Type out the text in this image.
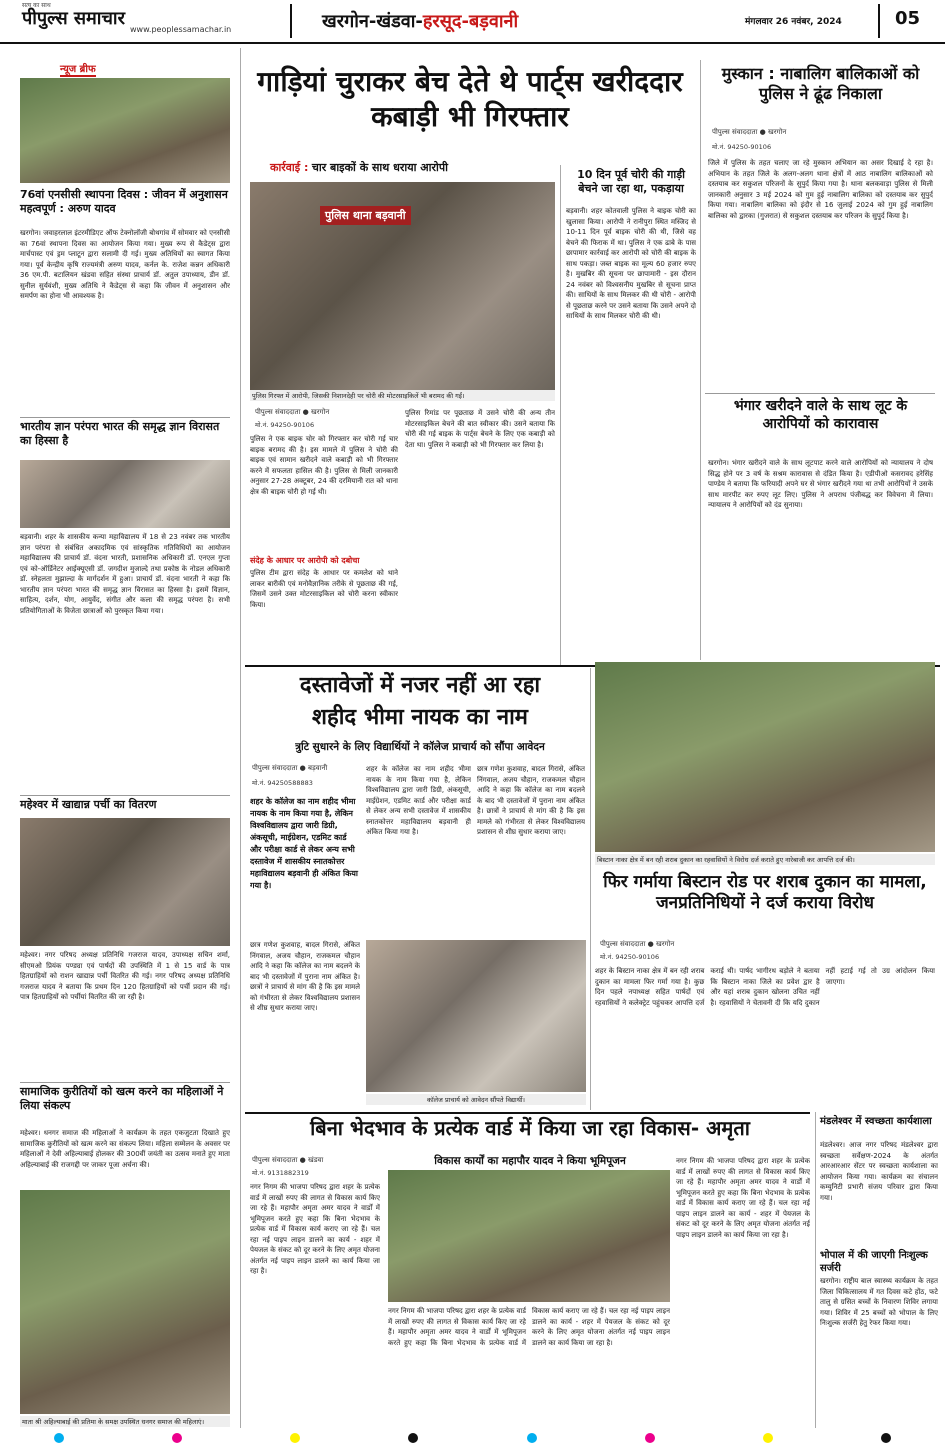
सत्य का साथ
पीपुल्स समाचार
www.peoplessamachar.in	खरगोन-खंडवा- हरसूद-बड़वानी	मंगलवार 26 नवंबर, 2024	05
न्यूज ब्रीफ
76वां एनसीसी स्थापना दिवस : जीवन में अनुशासन महत्वपूर्ण : अरुण यादव
खरगोन। जवाहरलाल इंटरमीडिएट ऑफ टेक्नोलॉजी बोथगांव में सोमवार को एनसीसी का 76वां स्थापना दिवस का आयोजन किया गया। मुख्य रूप से कैडेट्स द्वारा मार्चपास्ट एवं ड्रम प्लाटून द्वारा सलामी दी गई। मुख्य अतिथियों का स्वागत किया गया। पूर्व केन्द्रीय कृषि राज्यमंत्री अरुण यादव, कर्नल के. राजेश कन्नन अधिकारी 36 एम.पी. बटालियन खंडवा सहित संस्था प्राचार्य डॉ. अतुल उपाध्याय, डीन डॉ. सुनील सुर्यवंशी, मुख्य अतिथि ने कैडेट्स से कहा कि जीवन में अनुशासन और समर्पण का होना भी आवश्यक है।
भारतीय ज्ञान परंपरा भारत की समृद्ध ज्ञान विरासत का हिस्सा है
बड़वानी। शहर के शासकीय कन्या महाविद्यालय में 18 से 23 नवंबर तक भारतीय ज्ञान परंपरा से संबंधित अकादमिक एवं सांस्कृतिक गतिविधियों का आयोजन महाविद्यालय की प्राचार्य डॉ. वंदना भारती, प्रशासनिक अधिकारी डॉ. एनएल गुप्ता एवं को-ऑर्डिनेटर आईक्यूएसी डॉ. जगदीश मुजाल्दे तथा प्रकोष्ठ के नोडल अधिकारी डॉ. स्नेहलता मुझाल्दा के मार्गदर्शन में हुआ। प्राचार्य डॉ. वंदना भारती ने कहा कि भारतीय ज्ञान परंपरा भारत की समृद्ध ज्ञान विरासत का हिस्सा है। इसमें विज्ञान, साहित्य, दर्शन, योग, आयुर्वेद, संगीत और कला की समृद्ध परंपरा है। सभी प्रतियोगिताओं के विजेता छात्राओं को पुरस्कृत किया गया।
महेश्वर में खाद्यान्न पर्ची का वितरण
महेश्वर। नगर परिषद अध्यक्ष प्रतिनिधि गजराज यादव, उपाध्यक्ष सचिन शर्मा, सीएमओ प्रियंक पण्ड्या एवं पार्षदों की उपस्थिति में 1 से 15 वार्ड के पात्र हितग्राहियों को राशन खाद्यान्न पर्ची वितरित की गई। नगर परिषद अध्यक्ष प्रतिनिधि गजराज यादव ने बताया कि प्रथम दिन 120 हितग्राहियों को पर्ची प्रदान की गई। पात्र हितग्राहियों को पर्चीयां वितरित की जा रही है।
सामाजिक कुरीतियों को खत्म करने का महिलाओं ने लिया संकल्प
महेश्वर। धनगर समाज की महिलाओं ने कार्यक्रम के तहत एकजुटता दिखाते हुए सामाजिक कुरीतियों को खत्म करने का संकल्प लिया। महिला सम्मेलन के अवसर पर महिलाओं ने देवी अहिल्याबाई होलकर की 300वीं जयंती का उत्सव मनाते हुए माता अहिल्याबाई की राजगद्दी पर जाकर पूजा अर्चना की।
माता श्री अहिल्याबाई की प्रतिमा के समक्ष उपस्थित धनगर समाज की महिलाएं।
गाड़ियां चुराकर बेच देते थे पार्ट्स खरीददार कबाड़ी भी गिरफ्तार
कार्रवाई : चार बाइकों के साथ धराया आरोपी
पुलिस थाना बड़वानी
पुलिस गिरफ्त में आरोपी, जिसकी निशानदेही पर चोरी की मोटरसाइकिलें भी बरामद की गईं।
पीपुल्स संवाददाता ● खरगोन
मो.नं. 94250-90106
पुलिस ने एक बाइक चोर को गिरफ्तार कर चोरी गई चार बाइक बरामद की है। इस मामले में पुलिस ने चोरी की बाइक एवं सामान खरीदने वाले कबाड़ी को भी गिरफ्तार करने में सफलता हासिल की है। पुलिस से मिली जानकारी अनुसार 27-28 अक्टूबर, 24 की दरमियानी रात को थाना क्षेत्र की बाइक चोरी हो गई थी।
संदेह के आधार पर आरोपी को दबोचा
पुलिस टीम द्वारा संदेह के आधार पर कमलेश को थाने लाकर बारीकी एवं मनोवैज्ञानिक तरीके से पूछताछ की गई, जिसमें उसने उक्त मोटरसाइकिल को चोरी करना स्वीकार किया।
पुलिस रिमांड पर पूछताछ में उसने चोरी की अन्य तीन मोटरसाइकिल बेचने की बात स्वीकार की। उसने बताया कि चोरी की गई बाइक के पार्ट्स बेचने के लिए एक कबाड़ी को देता था। पुलिस ने कबाड़ी को भी गिरफ्तार कर लिया है।
10 दिन पूर्व चोरी की गाड़ी बेचने जा रहा था, पकड़ाया
बड़वानी। शहर कोतवाली पुलिस ने बाइक चोरी का खुलासा किया। आरोपी ने रानीपुरा स्थित मस्जिद से 10-11 दिन पूर्व बाइक चोरी की थी, जिसे वह बेचने की फिराक में था। पुलिस ने एक ढाबे के पास छापामार कार्रवाई कर आरोपी को चोरी की बाइक के साथ पकड़ा। जब्त बाइक का मूल्य 60 हजार रुपए है। मुखबिर की सूचना पर छापामारी - इस दौरान 24 नवंबर को विश्वसनीय मुखबिर से सूचना प्राप्त की। साथियों के साथ मिलकर की थी चोरी - आरोपी से पूछताछ करने पर उसने बताया कि उसने अपने दो साथियों के साथ मिलकर चोरी की थी।
मुस्कान : नाबालिग बालिकाओं को पुलिस ने ढूंढ निकाला
पीपुल्स संवाददाता ● खरगोन
मो.नं. 94250-90106
जिले में पुलिस के तहत चलाए जा रहे मुस्कान अभियान का असर दिखाई दे रहा है। अभियान के तहत जिले के अलग-अलग थाना क्षेत्रों में आठ नाबालिग बालिकाओं को दस्तयाब कर सकुशल परिजनों के सुपुर्द किया गया है। थाना बलकवाड़ा पुलिस से मिली जानकारी अनुसार 3 मई 2024 को गुम हुई नाबालिग बालिका को दस्तयाब कर सुपुर्द किया गया। नाबालिग बालिका को इंदौर से 16 जुलाई 2024 को गुम हुई नाबालिग बालिका को द्वारका (गुजरात) से सकुशल दस्तयाब कर परिजन के सुपुर्द किया है।
भंगार खरीदने वाले के साथ लूट के आरोपियों को कारावास
खरगोन। भंगार खरीदने वाले के साथ लूटपाट करने वाले आरोपियों को न्यायालय ने दोष सिद्ध होने पर 3 वर्ष के सश्रम कारावास से दंडित किया है। एडीपीओ कसरावद हरेसिंह पाण्डेय ने बताया कि फरियादी अपने घर से भंगार खरीदने गया था तभी आरोपियों ने उसके साथ मारपीट कर रुपए लूट लिए। पुलिस ने अपराध पंजीबद्ध कर विवेचना में लिया। न्यायालय ने आरोपियों को दंड सुनाया।
दस्तावेजों में नजर नहीं आ रहा
शहीद भीमा नायक का नाम
त्रुटि सुधारने के लिए विद्यार्थियों ने कॉलेज प्राचार्य को सौंपा आवेदन
पीपुल्स संवाददाता ● बड़वानी
मो.नं. 94250588883
शहर के कॉलेज का नाम शहीद भीमा नायक के नाम किया गया है, लेकिन विश्वविद्यालय द्वारा जारी डिग्री, अंकसूची, माईग्रेशन, एडमिट कार्ड और परीक्षा कार्ड से लेकर अन्य सभी दस्तावेज में शासकीय स्नातकोत्तर महाविद्यालय बड़वानी ही अंकित किया गया है।
छात्र गणेश कुशवाह, बादल गिरासे, अंकित निंगवाल, अजय चौहान, राजकमल चौहान आदि ने कहा कि कॉलेज का नाम बदलने के बाद भी दस्तावेजों में पुराना नाम अंकित है। छात्रों ने प्राचार्य से मांग की है कि इस मामले को गंभीरता से लेकर विश्वविद्यालय प्रशासन से शीघ्र सुधार कराया जाए।
शहर के कॉलेज का नाम शहीद भीमा नायक के नाम किया गया है, लेकिन विश्वविद्यालय द्वारा जारी डिग्री, अंकसूची, माईग्रेशन, एडमिट कार्ड और परीक्षा कार्ड से लेकर अन्य सभी दस्तावेज में शासकीय स्नातकोत्तर महाविद्यालय बड़वानी ही अंकित किया गया है।
छात्र गणेश कुशवाह, बादल गिरासे, अंकित निंगवाल, अजय चौहान, राजकमल चौहान आदि ने कहा कि कॉलेज का नाम बदलने के बाद भी दस्तावेजों में पुराना नाम अंकित है। छात्रों ने प्राचार्य से मांग की है कि इस मामले को गंभीरता से लेकर विश्वविद्यालय प्रशासन से शीघ्र सुधार कराया जाए।
कॉलेज प्राचार्य को आवेदन सौंपते विद्यार्थी।
बिस्टान नाका क्षेत्र में बन रही शराब दुकान का रहवासियों ने विरोध दर्ज कराते हुए नारेबाजी कर आपत्ति दर्ज की।
फिर गर्माया बिस्टान रोड पर शराब दुकान का मामला, जनप्रतिनिधियों ने दर्ज कराया विरोध
पीपुल्स संवाददाता ● खरगोन
मो.नं. 94250-90106
शहर के बिस्टान नाका क्षेत्र में बन रही शराब दुकान का मामला फिर गर्मा गया है। कुछ दिन पहले नपाध्यक्ष सहित पार्षदों एवं रहवासियों ने कलेक्ट्रेट पहुंचकर आपत्ति दर्ज कराई थी। पार्षद भागीरथ बड़ोले ने बताया कि बिस्टान नाका जिले का प्रवेश द्वार है और यहां शराब दुकान खोलना उचित नहीं है। रहवासियों ने चेतावनी दी कि यदि दुकान नहीं हटाई गई तो उग्र आंदोलन किया जाएगा।
बिना भेदभाव के प्रत्येक वार्ड में किया जा रहा विकास- अमृता
विकास कार्यों का महापौर यादव ने किया भूमिपूजन
पीपुल्स संवाददाता ● खंडवा
मो.नं. 9131882319
नगर निगम की भाजपा परिषद द्वारा शहर के प्रत्येक वार्ड में लाखों रुपए की लागत से विकास कार्य किए जा रहे हैं। महापौर अमृता अमर यादव ने वार्डों में भूमिपूजन करते हुए कहा कि बिना भेदभाव के प्रत्येक वार्ड में विकास कार्य कराए जा रहे हैं। चल रहा नई पाइप लाइन डालने का कार्य - शहर में पेयजल के संकट को दूर करने के लिए अमृत योजना अंतर्गत नई पाइप लाइन डालने का कार्य किया जा रहा है।
नगर निगम की भाजपा परिषद द्वारा शहर के प्रत्येक वार्ड में लाखों रुपए की लागत से विकास कार्य किए जा रहे हैं। महापौर अमृता अमर यादव ने वार्डों में भूमिपूजन करते हुए कहा कि बिना भेदभाव के प्रत्येक वार्ड में विकास कार्य कराए जा रहे हैं। चल रहा नई पाइप लाइन डालने का कार्य - शहर में पेयजल के संकट को दूर करने के लिए अमृत योजना अंतर्गत नई पाइप लाइन डालने का कार्य किया जा रहा है।
नगर निगम की भाजपा परिषद द्वारा शहर के प्रत्येक वार्ड में लाखों रुपए की लागत से विकास कार्य किए जा रहे हैं। महापौर अमृता अमर यादव ने वार्डों में भूमिपूजन करते हुए कहा कि बिना भेदभाव के प्रत्येक वार्ड में विकास कार्य कराए जा रहे हैं। चल रहा नई पाइप लाइन डालने का कार्य - शहर में पेयजल के संकट को दूर करने के लिए अमृत योजना अंतर्गत नई पाइप लाइन डालने का कार्य किया जा रहा है।
मंडलेश्वर में स्वच्छता कार्यशाला
मंडलेश्वर। आज नगर परिषद मंडलेश्वर द्वारा स्वच्छता सर्वेक्षण-2024 के अंतर्गत आरआरआर सेंटर पर स्वच्छता कार्यशाला का आयोजन किया गया। कार्यक्रम का संचालन कम्युनिटी प्रभारी संजय परिवार द्वारा किया गया।
भोपाल में की जाएगी निःशुल्क सर्जरी
खरगोन। राष्ट्रीय बाल स्वास्थ्य कार्यक्रम के तहत जिला चिकित्सालय में गत दिवस कटे होंठ, फटे तालु से ग्रसित बच्चों के निवारण शिविर लगाया गया। शिविर में 25 बच्चों को भोपाल के लिए निःशुल्क सर्जरी हेतु रेफर किया गया।
